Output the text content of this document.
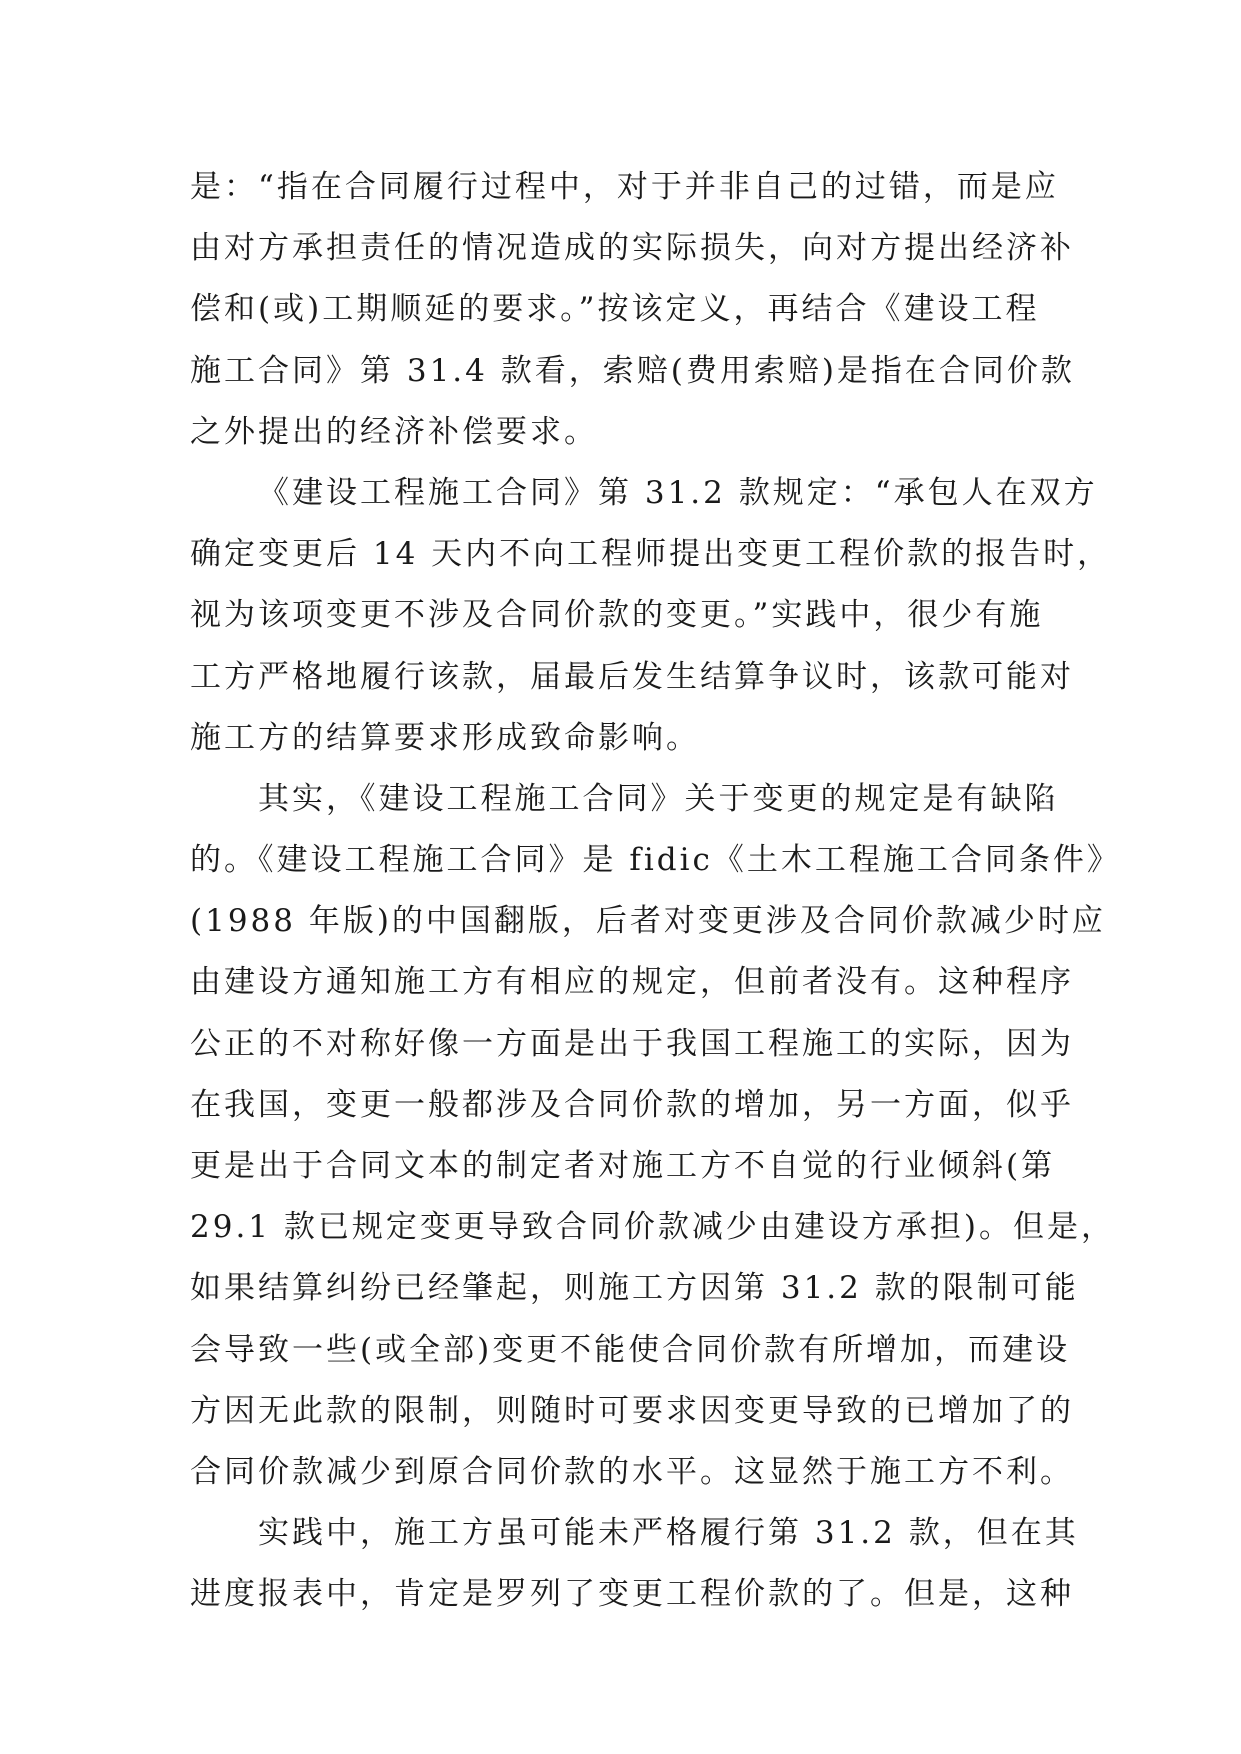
是：“指在合同履行过程中，对于并非自己的过错，而是应
由对方承担责任的情况造成的实际损失，向对方提出经济补
偿和(或)工期顺延的要求。”按该定义，再结合《建设工程
施工合同》第 31.4 款看，索赔(费用索赔)是指在合同价款
之外提出的经济补偿要求。
《建设工程施工合同》第 31.2 款规定：“承包人在双方
确定变更后 14 天内不向工程师提出变更工程价款的报告时，
视为该项变更不涉及合同价款的变更。”实践中，很少有施
工方严格地履行该款，届最后发生结算争议时，该款可能对
施工方的结算要求形成致命影响。
其实，《建设工程施工合同》关于变更的规定是有缺陷
的。《建设工程施工合同》是 fidic《土木工程施工合同条件》
(1988 年版)的中国翻版，后者对变更涉及合同价款减少时应
由建设方通知施工方有相应的规定，但前者没有。这种程序
公正的不对称好像一方面是出于我国工程施工的实际，因为
在我国，变更一般都涉及合同价款的增加，另一方面，似乎
更是出于合同文本的制定者对施工方不自觉的行业倾斜(第
29.1 款已规定变更导致合同价款减少由建设方承担)。但是，
如果结算纠纷已经肇起，则施工方因第 31.2 款的限制可能
会导致一些(或全部)变更不能使合同价款有所增加，而建设
方因无此款的限制，则随时可要求因变更导致的已增加了的
合同价款减少到原合同价款的水平。这显然于施工方不利。
实践中，施工方虽可能未严格履行第 31.2 款，但在其
进度报表中，肯定是罗列了变更工程价款的了。但是，这种
